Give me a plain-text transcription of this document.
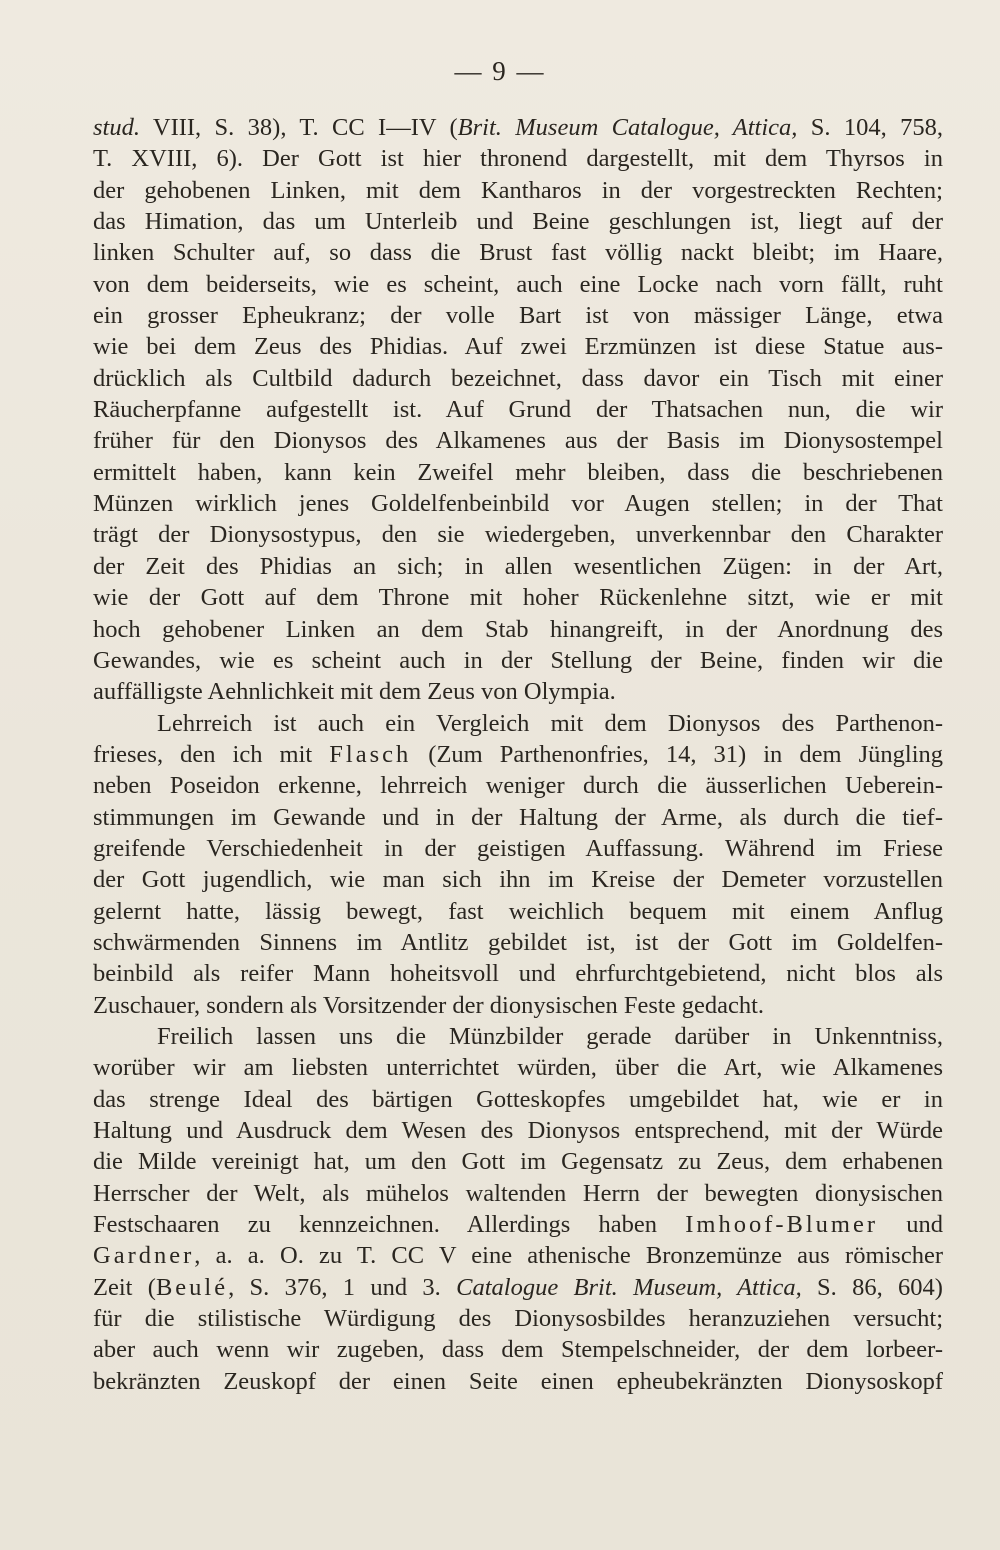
— 9 —
stud. VIII, S. 38), T. CC I—IV (Brit. Museum Catalogue, Attica, S. 104, 758,
T. XVIII, 6). Der Gott ist hier thronend dargestellt, mit dem Thyrsos in
der gehobenen Linken, mit dem Kantharos in der vorgestreckten Rechten;
das Himation, das um Unterleib und Beine geschlungen ist, liegt auf der
linken Schulter auf, so dass die Brust fast völlig nackt bleibt; im Haare,
von dem beiderseits, wie es scheint, auch eine Locke nach vorn fällt, ruht
ein grosser Epheukranz; der volle Bart ist von mässiger Länge, etwa
wie bei dem Zeus des Phidias. Auf zwei Erzmünzen ist diese Statue aus-
drücklich als Cultbild dadurch bezeichnet, dass davor ein Tisch mit einer
Räucherpfanne aufgestellt ist. Auf Grund der Thatsachen nun, die wir
früher für den Dionysos des Alkamenes aus der Basis im Dionysostempel
ermittelt haben, kann kein Zweifel mehr bleiben, dass die beschriebenen
Münzen wirklich jenes Goldelfenbeinbild vor Augen stellen; in der That
trägt der Dionysostypus, den sie wiedergeben, unverkennbar den Charakter
der Zeit des Phidias an sich; in allen wesentlichen Zügen: in der Art,
wie der Gott auf dem Throne mit hoher Rückenlehne sitzt, wie er mit
hoch gehobener Linken an dem Stab hinangreift, in der Anordnung des
Gewandes, wie es scheint auch in der Stellung der Beine, finden wir die
auffälligste Aehnlichkeit mit dem Zeus von Olympia.
Lehrreich ist auch ein Vergleich mit dem Dionysos des Parthenon-
frieses, den ich mit Flasch (Zum Parthenonfries, 14, 31) in dem Jüngling
neben Poseidon erkenne, lehrreich weniger durch die äusserlichen Ueberein-
stimmungen im Gewande und in der Haltung der Arme, als durch die tief-
greifende Verschiedenheit in der geistigen Auffassung. Während im Friese
der Gott jugendlich, wie man sich ihn im Kreise der Demeter vorzustellen
gelernt hatte, lässig bewegt, fast weichlich bequem mit einem Anflug
schwärmenden Sinnens im Antlitz gebildet ist, ist der Gott im Goldelfen-
beinbild als reifer Mann hoheitsvoll und ehrfurchtgebietend, nicht blos als
Zuschauer, sondern als Vorsitzender der dionysischen Feste gedacht.
Freilich lassen uns die Münzbilder gerade darüber in Unkenntniss,
worüber wir am liebsten unterrichtet würden, über die Art, wie Alkamenes
das strenge Ideal des bärtigen Gotteskopfes umgebildet hat, wie er in
Haltung und Ausdruck dem Wesen des Dionysos entsprechend, mit der Würde
die Milde vereinigt hat, um den Gott im Gegensatz zu Zeus, dem erhabenen
Herrscher der Welt, als mühelos waltenden Herrn der bewegten dionysischen
Festschaaren zu kennzeichnen. Allerdings haben Imhoof-Blumer und
Gardner, a. a. O. zu T. CC V eine athenische Bronzemünze aus römischer
Zeit (Beulé, S. 376, 1 und 3. Catalogue Brit. Museum, Attica, S. 86, 604)
für die stilistische Würdigung des Dionysosbildes heranzuziehen versucht;
aber auch wenn wir zugeben, dass dem Stempelschneider, der dem lorbeer-
bekränzten Zeuskopf der einen Seite einen epheubekränzten Dionysoskopf
